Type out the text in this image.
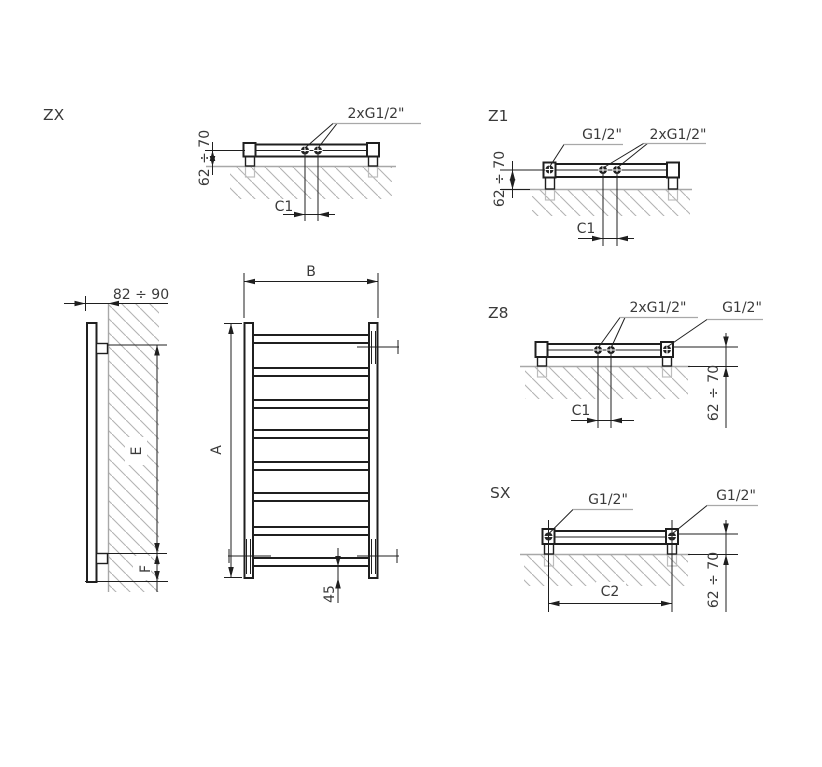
ZX	2xG1/2"
62 ÷ 70
C1
Z1
G1/2" 2xG1/2"
62 ÷ 70
C1
Z8	2xG1/2"	G1/2"
62 ÷ 70
C1
SX	G1/2"	G1/2"
62 ÷ 70
C2
82 ÷ 90
E
F
B
A
45
